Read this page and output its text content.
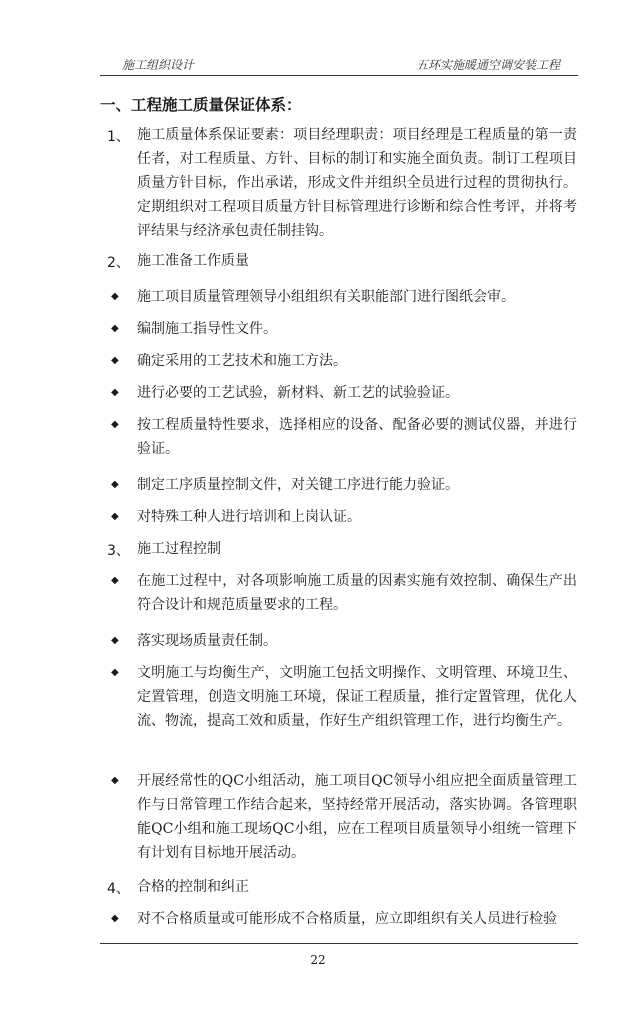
施工组织设计	五环实施暖通空调安装工程
一、工程施工质量保证体系：
1、 施工质量体系保证要素：项目经理职责：项目经理是工程质量的第一责任者，对工程质量、方针、目标的制订和实施全面负责。制订工程项目质量方针目标，作出承诺，形成文件并组织全员进行过程的贯彻执行。定期组织对工程项目质量方针目标管理进行诊断和综合性考评，并将考评结果与经济承包责任制挂钩。
2、 施工准备工作质量
◆ 施工项目质量管理领导小组组织有关职能部门进行图纸会审。
◆ 编制施工指导性文件。
◆ 确定采用的工艺技术和施工方法。
◆ 进行必要的工艺试验，新材料、新工艺的试验验证。
◆ 按工程质量特性要求，选择相应的设备、配备必要的测试仪器，并进行验证。
◆ 制定工序质量控制文件，对关键工序进行能力验证。
◆ 对特殊工种人进行培训和上岗认证。
3、 施工过程控制
◆ 在施工过程中，对各项影响施工质量的因素实施有效控制、确保生产出符合设计和规范质量要求的工程。
◆ 落实现场质量责任制。
◆ 文明施工与均衡生产，文明施工包括文明操作、文明管理、环境卫生、定置管理，创造文明施工环境，保证工程质量，推行定置管理，优化人流、物流，提高工效和质量，作好生产组织管理工作，进行均衡生产。
◆ 开展经常性的QC小组活动，施工项目QC领导小组应把全面质量管理工作与日常管理工作结合起来，坚持经常开展活动，落实协调。各管理职能QC小组和施工现场QC小组，应在工程项目质量领导小组统一管理下有计划有目标地开展活动。
4、 合格的控制和纠正
◆ 对不合格质量或可能形成不合格质量，应立即组织有关人员进行检验
22
